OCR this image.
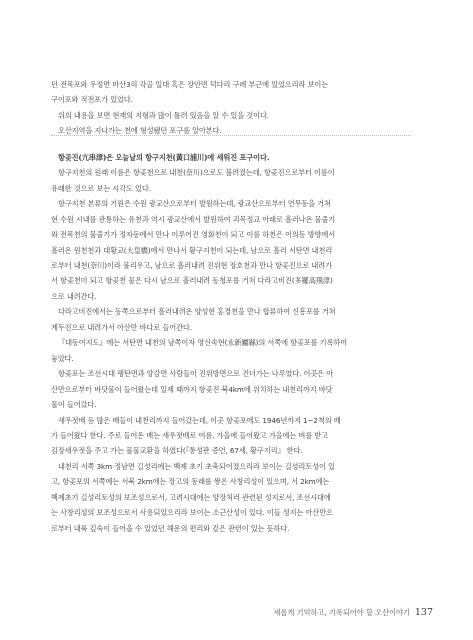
던 전목포와 우정면 마산3리 각골 일대 혹은 장안면 덕다리 구레 부근에 있었으리라 보이는

구이포와 적전포가 있었다.

위의 내용을 보면 현재의 지형과 많이 틀려 있음을 알 수 있을 것이다.

오산지역을 지나가는 천에 형성됐던 포구를 알아본다.

항곶진(亢串津)은 오늘날의 항구지천(黃口浦川)에 세워진 포구이다.

항구지천의 원래 이름은 항곶천으로 내천(奈川)으로도 불려졌는데, 항곶진으로부터 이름이

유래한 것으로 보는 시각도 있다.

항구지천 본류의 기원은 수원 광교산으로부터 발원하는데, 광교산으로부터 연무동을 거쳐

현 수원 시내를 관통하는 유천과 역시 광교산에서 발원하여 괴목정교 아래로 흘러나온 물줄기

와 전목천의 물줄기가 정자동에서 만나 이루어진 영화천이 되고 이를 하천은 이의동 방향에서

흘러온 원천천과 대황교(大皇橋)에서 만나서 황구지천이 되는데, 남으로 흘러 서탄면 내천리

로부터 내천(奈川)이라 불리우고, 남으로 흘러내려 진위현 장호천과 만나 항곶진으로 내려가

서 항곶천이 되고 항곶천 물은 다시 남으로 흘러내려 동청포를 거쳐 다라고비진(多羅高飛津)

으로 내려간다.

다라고비진에서는 동쪽으로부터 흘러내려온 양성현 홍경천을 만나 합류하여 신흥포를 거쳐

계두진으로 내려가서 아산만 바다로 들어간다.

『대동여지도』에는 서탄면 내천의 남쪽이자 영신속현(永新屬縣)의 서쪽에 항곶포를 기록하여

놓았다.

항곶포는 조선시대 팽탄면과 양감면 사람들이 진위방면으로 건너가는 나루였다. 이곳은 아

산만으로부터 바닷물이 들어왔는데 일제 때까지 항곶진 북4km에 위치하는 내천리까지 바닷

물이 들어갔다.

새우젓배 등 많은 배들이 내천리까지 들어갔는데, 이곳 항곶포에도 1946년까지 1~2척의 배

가 들어왔다 한다. 주로 들어온 배는 새우젓배로 여름, 가을에 들어왔고 가을에는 벼를 받고

김장새우젓을 주고 가는 물물교환을 하였다(『통성판 증언, 67세, 황구지리』 한다.

내천리 서쪽 3km 정남면 길성리에는 백제 초기 초축되어졌으리라 보이는 길성리토성이 있

고, 항곶포의 서쪽에는 서북 2km에는 장고의 동래를 쌓은 사창리성이 있으며, 서 2km에는

백제초기 길성리토성의 보조성으로서, 고려시대에는 양장처러 관련된 성지로서, 조선시대에

는 사창리성의 보조성으로서 사용되었으리라 보이는 소근산성이 있다. 이들 성지는 아산만으

로부터 내륙 깊숙이 들어올 수 있었던 해운의 편리와 깊은 관련이 있는 듯하다.

새롭게 기억하고, 기록되어야 할 오산이야기 137
